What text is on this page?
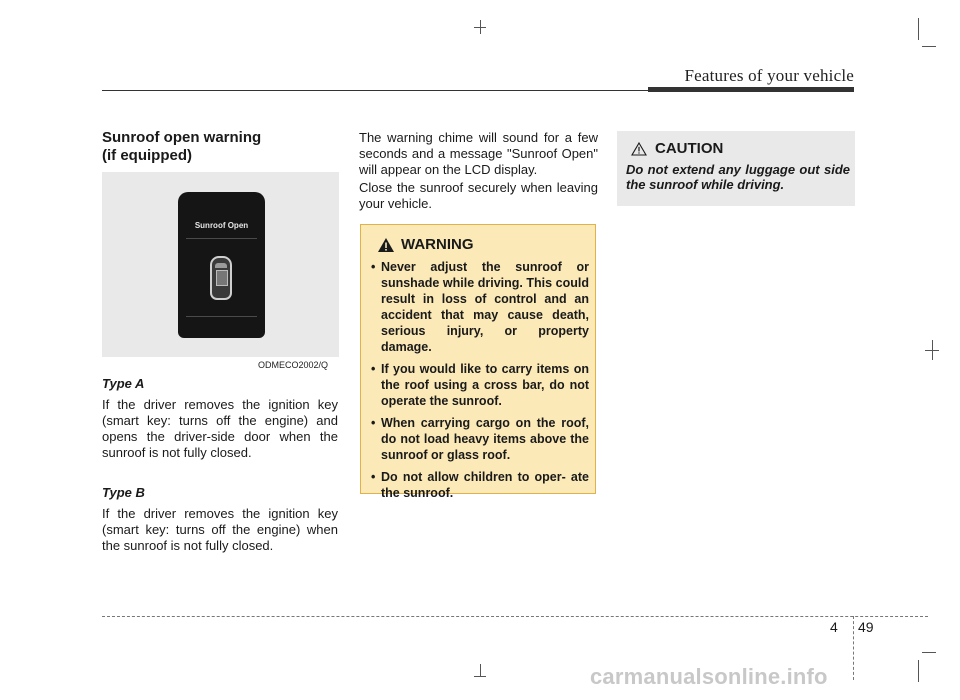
Features of your vehicle
Sunroof open warning
(if equipped)
Sunroof Open
ODMECO2002/Q
Type A

If the driver removes the ignition key (smart key: turns off the engine) and opens the driver-side door when the sunroof is not fully closed.

Type B

If the driver removes the ignition key (smart key: turns off the engine) when the sunroof is not fully closed.

The warning chime will sound for a few seconds and a message "Sunroof Open" will appear on the LCD display.

Close the sunroof securely when leaving your vehicle.

WARNING
• Never adjust the sunroof or sunshade while driving. This could result in loss of control and an accident that may cause death, serious injury, or property damage.
• If you would like to carry items on the roof using a cross bar, do not operate the sunroof.
• When carrying cargo on the roof, do not load heavy items above the sunroof or glass roof.
• Do not allow children to oper- ate the sunroof.
CAUTION

Do not extend any luggage out side the sunroof while driving.

4 49
carmanualsonline.info
